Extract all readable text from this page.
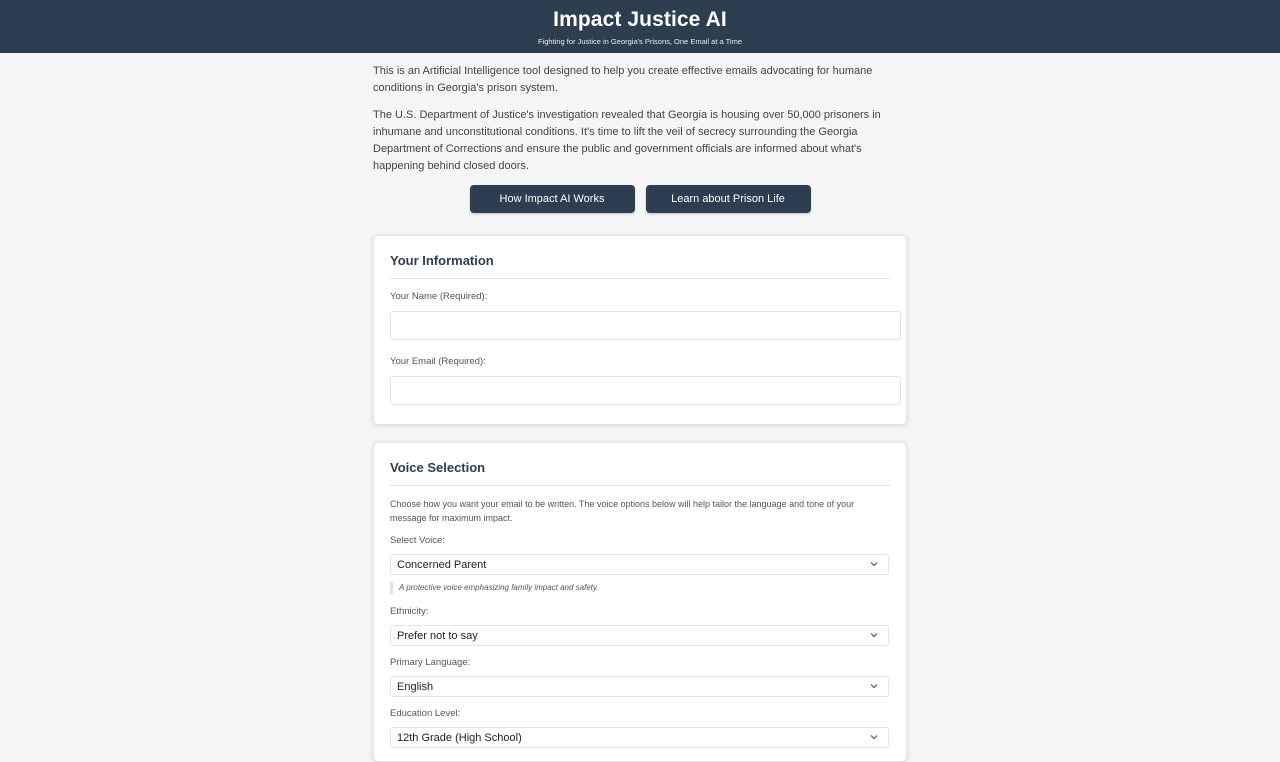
Impact Justice AI
Fighting for Justice in Georgia's Prisons, One Email at a Time

This is an Artificial Intelligence tool designed to help you create effective emails advocating for humane conditions in Georgia's prison system.

The U.S. Department of Justice's investigation revealed that Georgia is housing over 50,000 prisoners in inhumane and unconstitutional conditions. It's time to lift the veil of secrecy surrounding the Georgia Department of Corrections and ensure the public and government officials are informed about what's happening behind closed doors.

How Impact AI Works	Learn about Prison Life
Your Information
Your Name (Required):
Your Email (Required):
Voice Selection

Choose how you want your email to be written. The voice options below will help tailor the language and tone of your message for maximum impact.

Select Voice:
Concerned Parent
A protective voice emphasizing family impact and safety.
Ethnicity:
Prefer not to say
Primary Language:
English
Education Level:
12th Grade (High School)
